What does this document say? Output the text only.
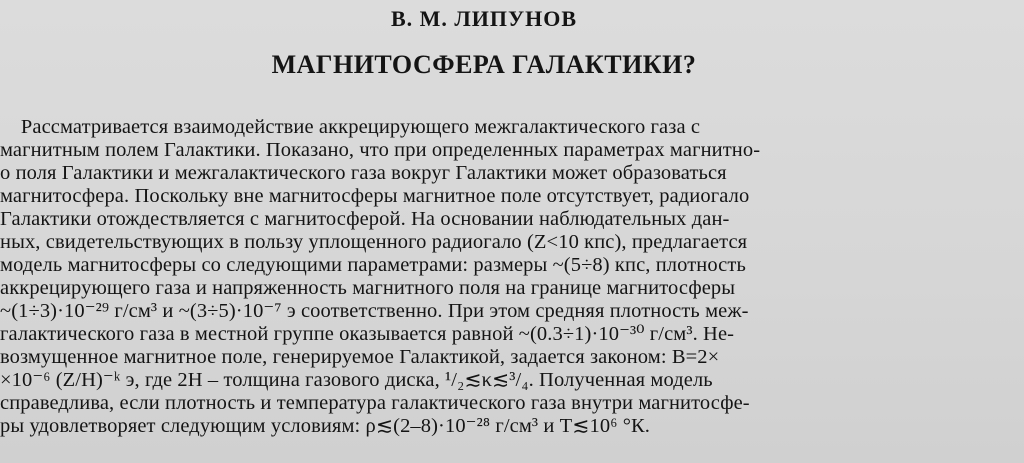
В. М. ЛИПУНОВ
МАГНИТОСФЕРА ГАЛАКТИКИ?
Рассматривается взаимодействие аккрецирующего межгалактического газа с
магнитным полем Галактики. Показано, что при определенных параметрах магнитно-
о поля Галактики и межгалактического газа вокруг Галактики может образоваться
магнитосфера. Поскольку вне магнитосферы магнитное поле отсутствует, радиогало
Галактики отождествляется с магнитосферой. На основании наблюдательных дан-
ных, свидетельствующих в пользу уплощенного радиогало (Z<10 кпс), предлагается
модель магнитосферы со следующими параметрами: размеры ~(5÷8) кпс, плотность
аккрецирующего газа и напряженность магнитного поля на границе магнитосферы
~(1÷3)·10⁻²⁹ г/см³ и ~(3÷5)·10⁻⁷ э соответственно. При этом средняя плотность меж-
галактического газа в местной группе оказывается равной ~(0.3÷1)·10⁻³⁰ г/см³. Не-
возмущенное магнитное поле, генерируемое Галактикой, задается законом: B=2×
×10⁻⁶ (Z/H)⁻ᵏ э, где 2H – толщина газового диска, ¹/₂≲κ≲³/₄. Полученная модель
справедлива, если плотность и температура галактического газа внутри магнитосфе-
ры удовлетворяет следующим условиям: ρ≲(2–8)·10⁻²⁸ г/см³ и T≲10⁶ °К.
